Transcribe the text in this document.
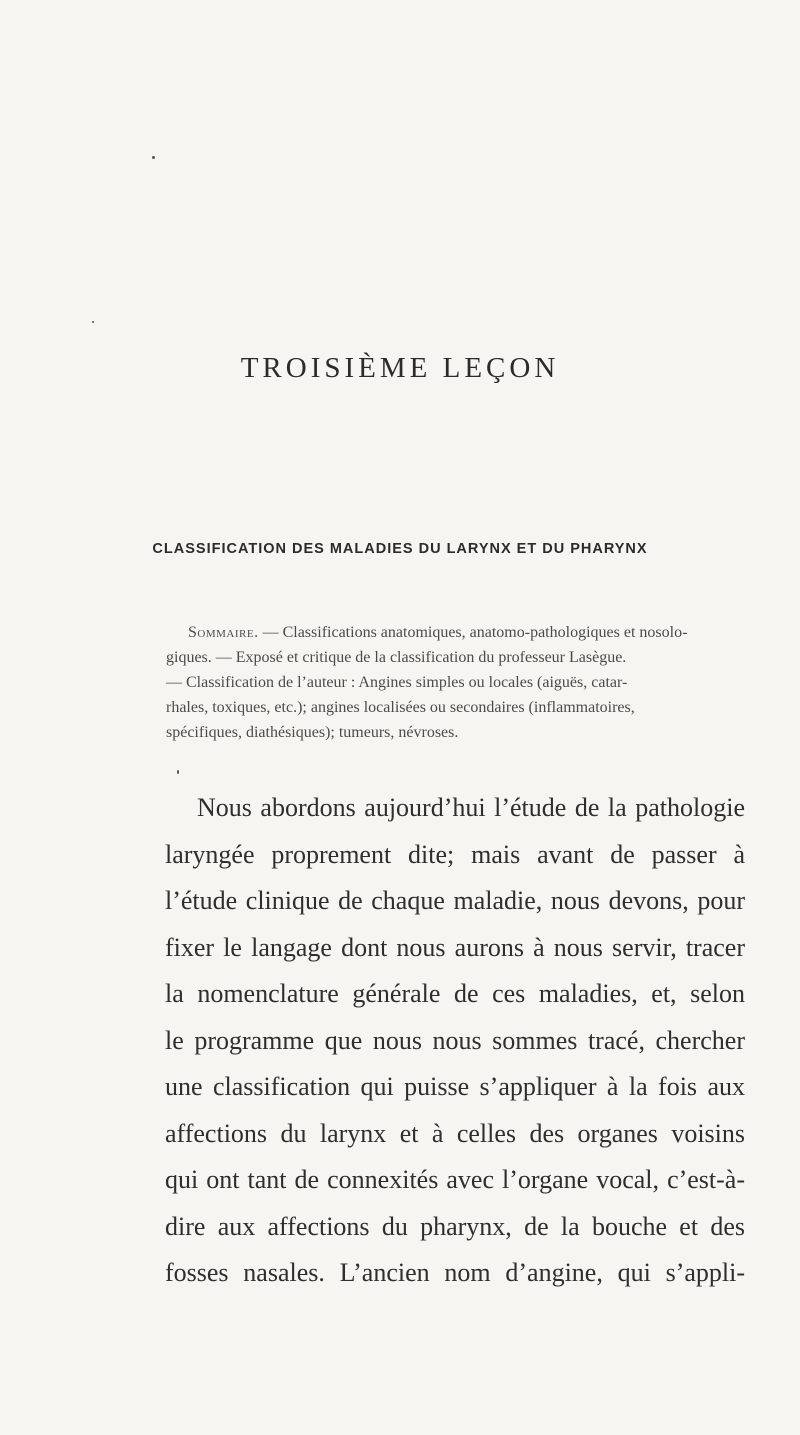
TROISIÈME LEÇON
CLASSIFICATION DES MALADIES DU LARYNX ET DU PHARYNX

Sommaire. — Classifications anatomiques, anatomo-pathologiques et nosolo-
giques. — Exposé et critique de la classification du professeur Lasègue.
— Classification de l’auteur : Angines simples ou locales (aiguës, catar-
rhales, toxiques, etc.); angines localisées ou secondaires (inflammatoires,
spécifiques, diathésiques); tumeurs, névroses.

Nous abordons aujourd’hui l’étude de la pathologie
laryngée proprement dite; mais avant de passer à
l’étude clinique de chaque maladie, nous devons, pour
fixer le langage dont nous aurons à nous servir, tracer
la nomenclature générale de ces maladies, et, selon
le programme que nous nous sommes tracé, chercher
une classification qui puisse s’appliquer à la fois aux
affections du larynx et à celles des organes voisins
qui ont tant de connexités avec l’organe vocal, c’est-à-
dire aux affections du pharynx, de la bouche et des
fosses nasales. L’ancien nom d’angine, qui s’appli-
